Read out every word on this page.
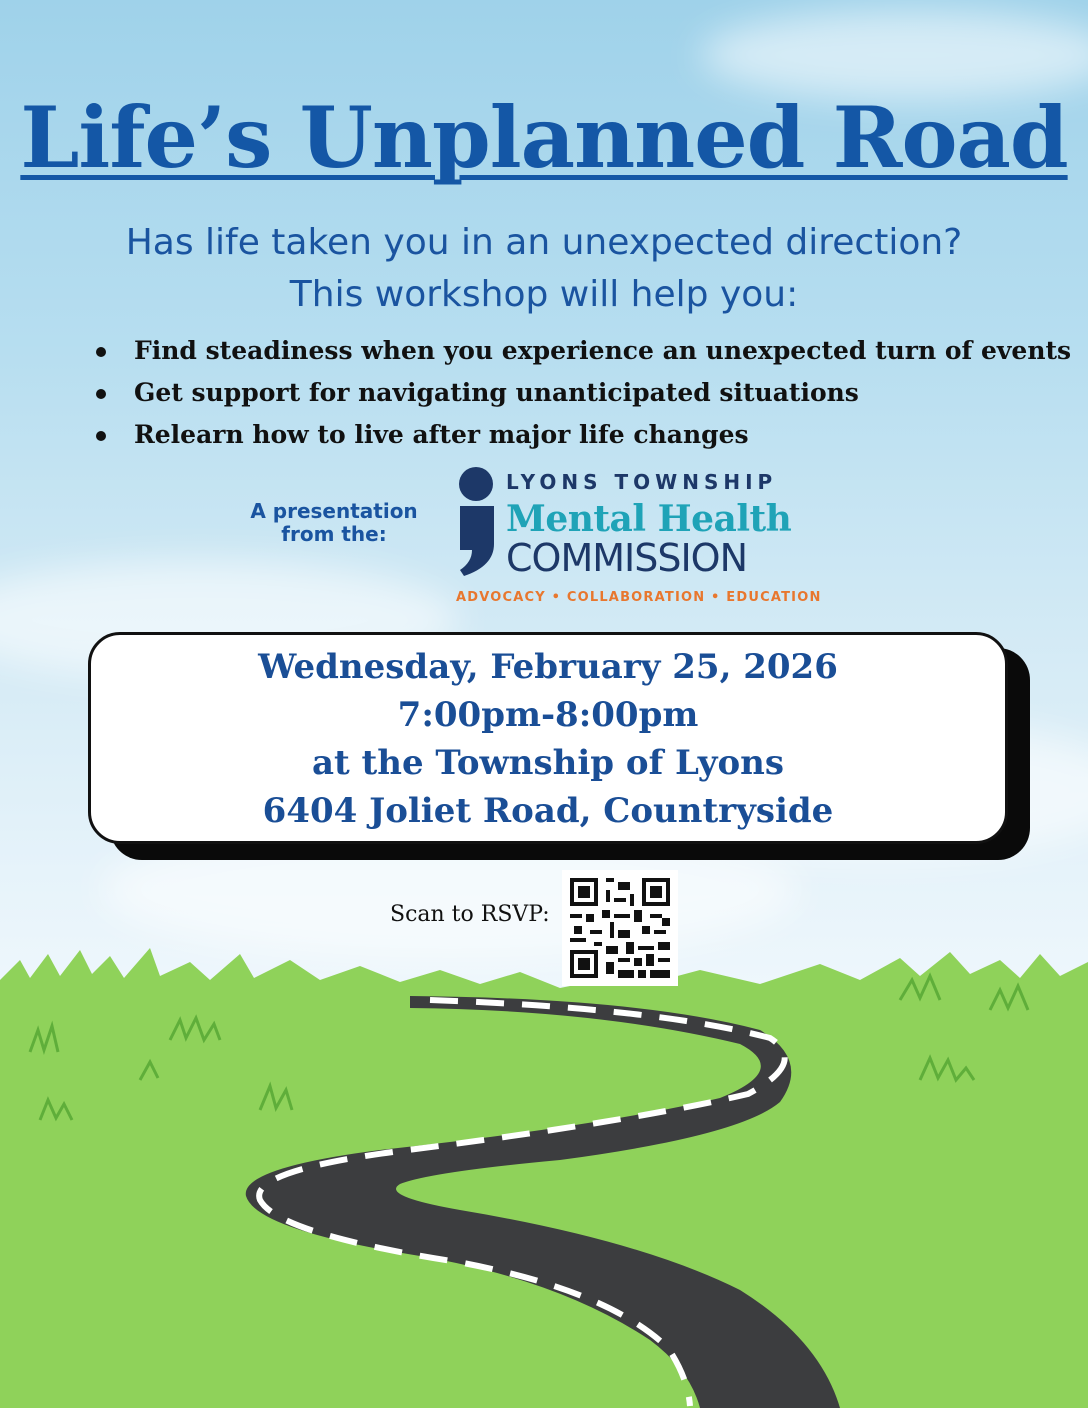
Life’s Unplanned Road

Has life taken you in an unexpected direction?

This workshop will help you:

Find steadiness when you experience an unexpected turn of events
Get support for navigating unanticipated situations
Relearn how to live after major life changes
A presentation
from the:
LYONS TOWNSHIP
Mental Health
COMMISSION
ADVOCACY • COLLABORATION • EDUCATION
Wednesday, February 25, 2026
7:00pm-8:00pm
at the Township of Lyons
6404 Joliet Road, Countryside
Scan to RSVP:
